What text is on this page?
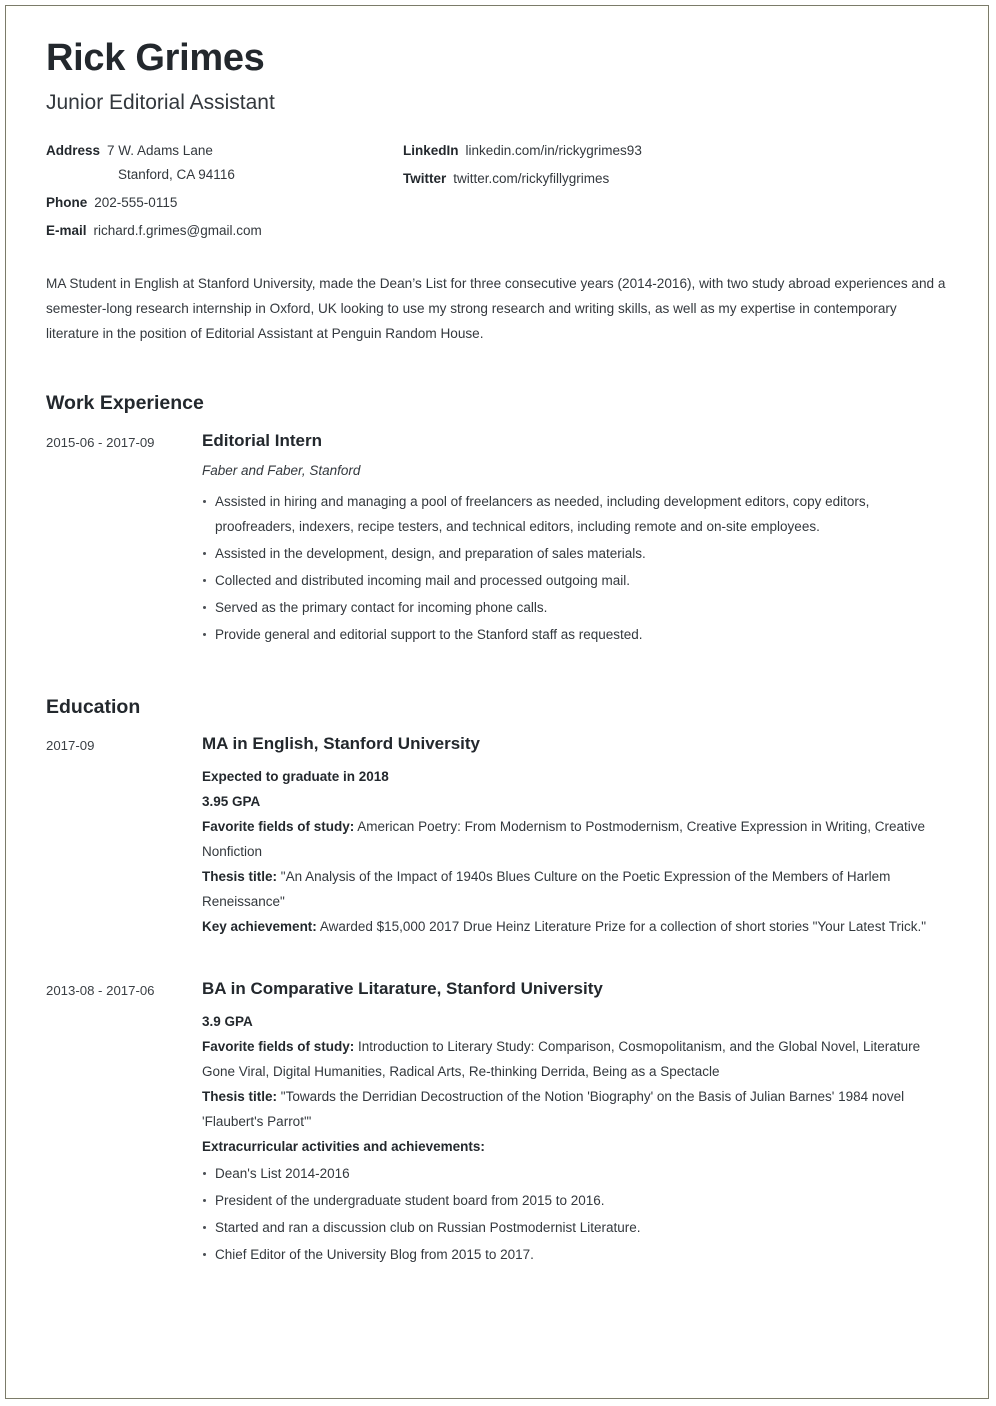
Rick Grimes
Junior Editorial Assistant
Address 7 W. Adams Lane
Stanford, CA 94116
Phone 202-555-0115
E-mail richard.f.grimes@gmail.com
LinkedIn linkedin.com/in/rickygrimes93
Twitter twitter.com/rickyfillygrimes

MA Student in English at Stanford University, made the Dean’s List for three consecutive years (2014-2016), with two study abroad experiences and a semester-long research internship in Oxford, UK looking to use my strong research and writing skills, as well as my expertise in contemporary literature in the position of Editorial Assistant at Penguin Random House.

Work Experience
2015-06 - 2017-09	Editorial Intern
Faber and Faber, Stanford
Assisted in hiring and managing a pool of freelancers as needed, including development editors, copy editors, proofreaders, indexers, recipe testers, and technical editors, including remote and on-site employees.
Assisted in the development, design, and preparation of sales materials.
Collected and distributed incoming mail and processed outgoing mail.
Served as the primary contact for incoming phone calls.
Provide general and editorial support to the Stanford staff as requested.
Education
2017-09	MA in English, Stanford University

Expected to graduate in 2018

3.95 GPA

Favorite fields of study: American Poetry: From Modernism to Postmodernism, Creative Expression in Writing, Creative Nonfiction

Thesis title: "An Analysis of the Impact of 1940s Blues Culture on the Poetic Expression of the Members of Harlem Reneissance"

Key achievement: Awarded $15,000 2017 Drue Heinz Literature Prize for a collection of short stories "Your Latest Trick."

2013-08 - 2017-06	BA in Comparative Litarature, Stanford University

3.9 GPA

Favorite fields of study: Introduction to Literary Study: Comparison, Cosmopolitanism, and the Global Novel, Literature Gone Viral, Digital Humanities, Radical Arts, Re-thinking Derrida, Being as a Spectacle

Thesis title: "Towards the Derridian Decostruction of the Notion 'Biography' on the Basis of Julian Barnes' 1984 novel 'Flaubert's Parrot'"

Extracurricular activities and achievements:

Dean's List 2014-2016
President of the undergraduate student board from 2015 to 2016.
Started and ran a discussion club on Russian Postmodernist Literature.
Chief Editor of the University Blog from 2015 to 2017.
